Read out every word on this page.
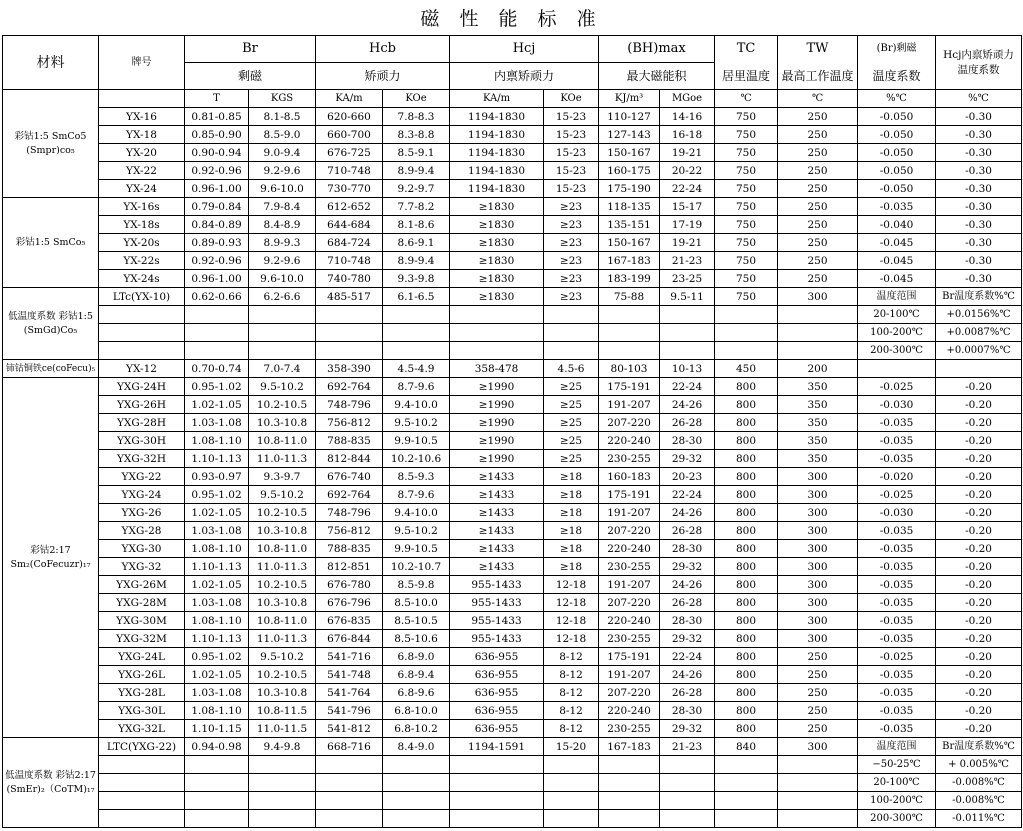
磁 性 能 标 准
材料	牌号	Br		Hcb		Hcj		(BH)max		TC	TW	(Br)剩磁	Hcj内禀矫顽力温度系数
		剩磁		矫顽力		内禀矫顽力		最大磁能积		居里温度	最高工作温度	温度系数	
彩钴1:5 SmCo5 (Smpr)co₅		T	KGS	KA/m	KOe	KA/m	KOe	KJ/m³	MGoe	℃	℃	%℃	%℃
	YX-16	0.81-0.85	8.1-8.5	620-660	7.8-8.3	1194-1830	15-23	110-127	14-16	750	250	-0.050	-0.30
	YX-18	0.85-0.90	8.5-9.0	660-700	8.3-8.8	1194-1830	15-23	127-143	16-18	750	250	-0.050	-0.30
	YX-20	0.90-0.94	9.0-9.4	676-725	8.5-9.1	1194-1830	15-23	150-167	19-21	750	250	-0.050	-0.30
	YX-22	0.92-0.96	9.2-9.6	710-748	8.9-9.4	1194-1830	15-23	160-175	20-22	750	250	-0.050	-0.30
	YX-24	0.96-1.00	9.6-10.0	730-770	9.2-9.7	1194-1830	15-23	175-190	22-24	750	250	-0.050	-0.30
彩钴1:5 SmCo₅	YX-16s	0.79-0.84	7.9-8.4	612-652	7.7-8.2	≥1830	≥23	118-135	15-17	750	250	-0.035	-0.30
	YX-18s	0.84-0.89	8.4-8.9	644-684	8.1-8.6	≥1830	≥23	135-151	17-19	750	250	-0.040	-0.30
	YX-20s	0.89-0.93	8.9-9.3	684-724	8.6-9.1	≥1830	≥23	150-167	19-21	750	250	-0.045	-0.30
	YX-22s	0.92-0.96	9.2-9.6	710-748	8.9-9.4	≥1830	≥23	167-183	21-23	750	250	-0.045	-0.30
	YX-24s	0.96-1.00	9.6-10.0	740-780	9.3-9.8	≥1830	≥23	183-199	23-25	750	250	-0.045	-0.30
低温度系数 彩钴1:5 (SmGd)Co₅	LTc(YX-10)	0.62-0.66	6.2-6.6	485-517	6.1-6.5	≥1830	≥23	75-88	9.5-11	750	300	温度范围	Br温度系数%℃
												20-100℃	+0.0156%℃
												100-200℃	+0.0087%℃
												200-300℃	+0.0007%℃
铈钴铜铁ce(coFecu)₅	YX-12	0.70-0.74	7.0-7.4	358-390	4.5-4.9	358-478	4.5-6	80-103	10-13	450	200		
彩钴2:17 Sm₂(CoFecuzr)₁₇	YXG-24H	0.95-1.02	9.5-10.2	692-764	8.7-9.6	≥1990	≥25	175-191	22-24	800	350	-0.025	-0.20
	YXG-26H	1.02-1.05	10.2-10.5	748-796	9.4-10.0	≥1990	≥25	191-207	24-26	800	350	-0.030	-0.20
	YXG-28H	1.03-1.08	10.3-10.8	756-812	9.5-10.2	≥1990	≥25	207-220	26-28	800	350	-0.035	-0.20
	YXG-30H	1.08-1.10	10.8-11.0	788-835	9.9-10.5	≥1990	≥25	220-240	28-30	800	350	-0.035	-0.20
	YXG-32H	1.10-1.13	11.0-11.3	812-844	10.2-10.6	≥1990	≥25	230-255	29-32	800	350	-0.035	-0.20
	YXG-22	0.93-0.97	9.3-9.7	676-740	8.5-9.3	≥1433	≥18	160-183	20-23	800	300	-0.020	-0.20
	YXG-24	0.95-1.02	9.5-10.2	692-764	8.7-9.6	≥1433	≥18	175-191	22-24	800	300	-0.025	-0.20
	YXG-26	1.02-1.05	10.2-10.5	748-796	9.4-10.0	≥1433	≥18	191-207	24-26	800	300	-0.030	-0.20
	YXG-28	1.03-1.08	10.3-10.8	756-812	9.5-10.2	≥1433	≥18	207-220	26-28	800	300	-0.035	-0.20
	YXG-30	1.08-1.10	10.8-11.0	788-835	9.9-10.5	≥1433	≥18	220-240	28-30	800	300	-0.035	-0.20
	YXG-32	1.10-1.13	11.0-11.3	812-851	10.2-10.7	≥1433	≥18	230-255	29-32	800	300	-0.035	-0.20
	YXG-26M	1.02-1.05	10.2-10.5	676-780	8.5-9.8	955-1433	12-18	191-207	24-26	800	300	-0.035	-0.20
	YXG-28M	1.03-1.08	10.3-10.8	676-796	8.5-10.0	955-1433	12-18	207-220	26-28	800	300	-0.035	-0.20
	YXG-30M	1.08-1.10	10.8-11.0	676-835	8.5-10.5	955-1433	12-18	220-240	28-30	800	300	-0.035	-0.20
	YXG-32M	1.10-1.13	11.0-11.3	676-844	8.5-10.6	955-1433	12-18	230-255	29-32	800	300	-0.035	-0.20
	YXG-24L	0.95-1.02	9.5-10.2	541-716	6.8-9.0	636-955	8-12	175-191	22-24	800	250	-0.025	-0.20
	YXG-26L	1.02-1.05	10.2-10.5	541-748	6.8-9.4	636-955	8-12	191-207	24-26	800	250	-0.035	-0.20
	YXG-28L	1.03-1.08	10.3-10.8	541-764	6.8-9.6	636-955	8-12	207-220	26-28	800	250	-0.035	-0.20
	YXG-30L	1.08-1.10	10.8-11.5	541-796	6.8-10.0	636-955	8-12	220-240	28-30	800	250	-0.035	-0.20
	YXG-32L	1.10-1.15	11.0-11.5	541-812	6.8-10.2	636-955	8-12	230-255	29-32	800	250	-0.035	-0.20
低温度系数 彩钴2:17 (SmEr)₂（CoTM)₁₇	LTC(YXG-22)	0.94-0.98	9.4-9.8	668-716	8.4-9.0	1194-1591	15-20	167-183	21-23	840	300	温度范围	Br温度系数%℃
												−50-25℃	+ 0.005%℃
												20-100℃	-0.008%℃
												100-200℃	-0.008%℃
												200-300℃	-0.011%℃
